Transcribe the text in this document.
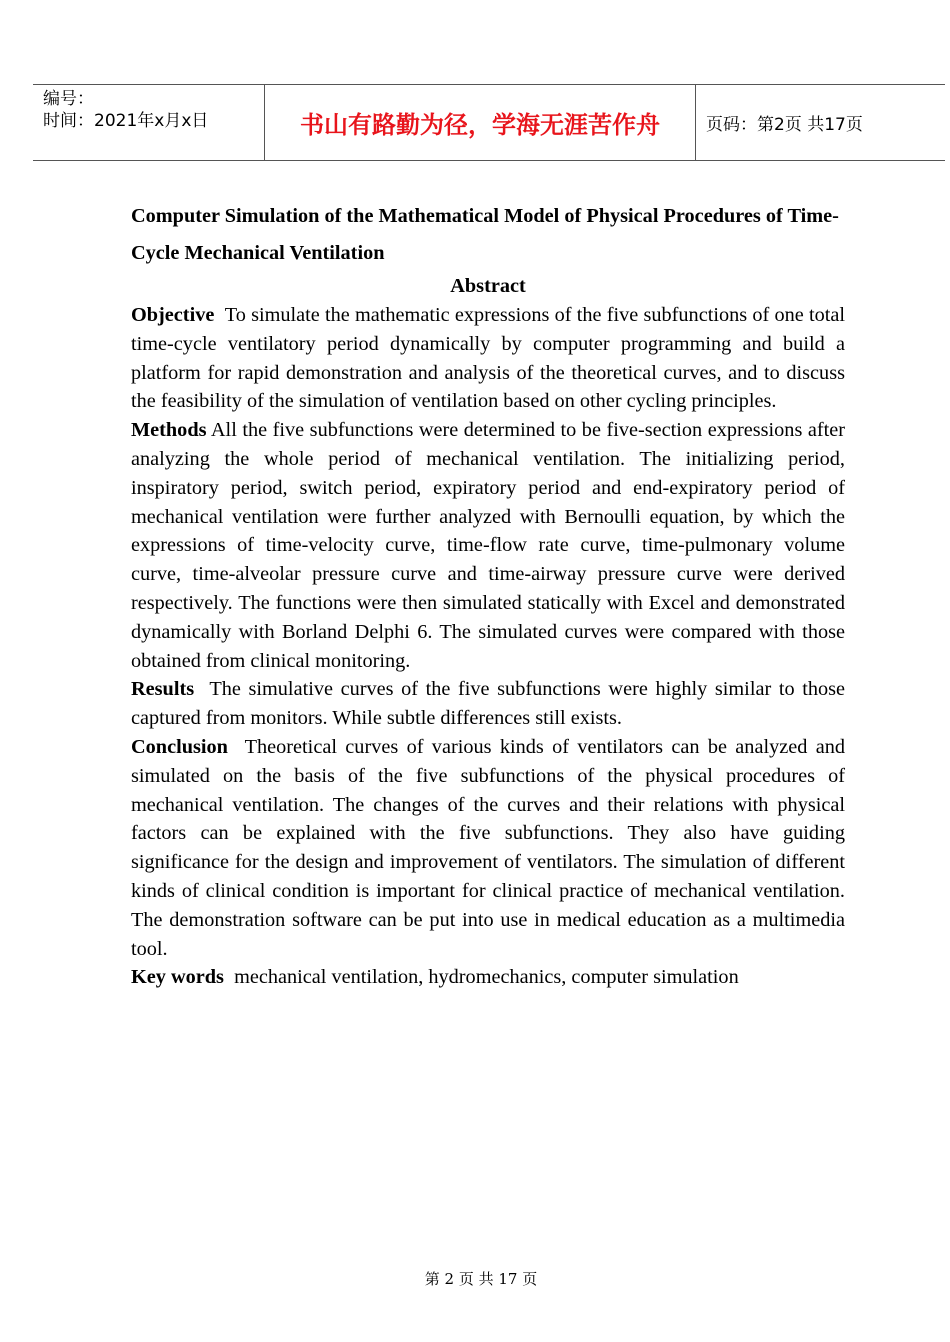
编号：
时间：2021年x月x日	书山有路勤为径，学海无涯苦作舟	页码：第2页 共17页

Computer Simulation of the Mathematical Model of Physical Procedures of Time-Cycle Mechanical Ventilation

Abstract

Objective To simulate the mathematic expressions of the five subfunctions of one total time-cycle ventilatory period dynamically by computer programming and build a platform for rapid demonstration and analysis of the theoretical curves, and to discuss the feasibility of the simulation of ventilation based on other cycling principles.

Methods All the five subfunctions were determined to be five-section expressions after analyzing the whole period of mechanical ventilation. The initializing period, inspiratory period, switch period, expiratory period and end-expiratory period of mechanical ventilation were further analyzed with Bernoulli equation, by which the expressions of time-velocity curve, time-flow rate curve, time-pulmonary volume curve, time-alveolar pressure curve and time-airway pressure curve were derived respectively. The functions were then simulated statically with Excel and demonstrated dynamically with Borland Delphi 6. The simulated curves were compared with those obtained from clinical monitoring.

Results The simulative curves of the five subfunctions were highly similar to those captured from monitors. While subtle differences still exists.

Conclusion Theoretical curves of various kinds of ventilators can be analyzed and simulated on the basis of the five subfunctions of the physical procedures of mechanical ventilation. The changes of the curves and their relations with physical factors can be explained with the five subfunctions. They also have guiding significance for the design and improvement of ventilators. The simulation of different kinds of clinical condition is important for clinical practice of mechanical ventilation. The demonstration software can be put into use in medical education as a multimedia tool.

Key words mechanical ventilation, hydromechanics, computer simulation

第 2 页 共 17 页
